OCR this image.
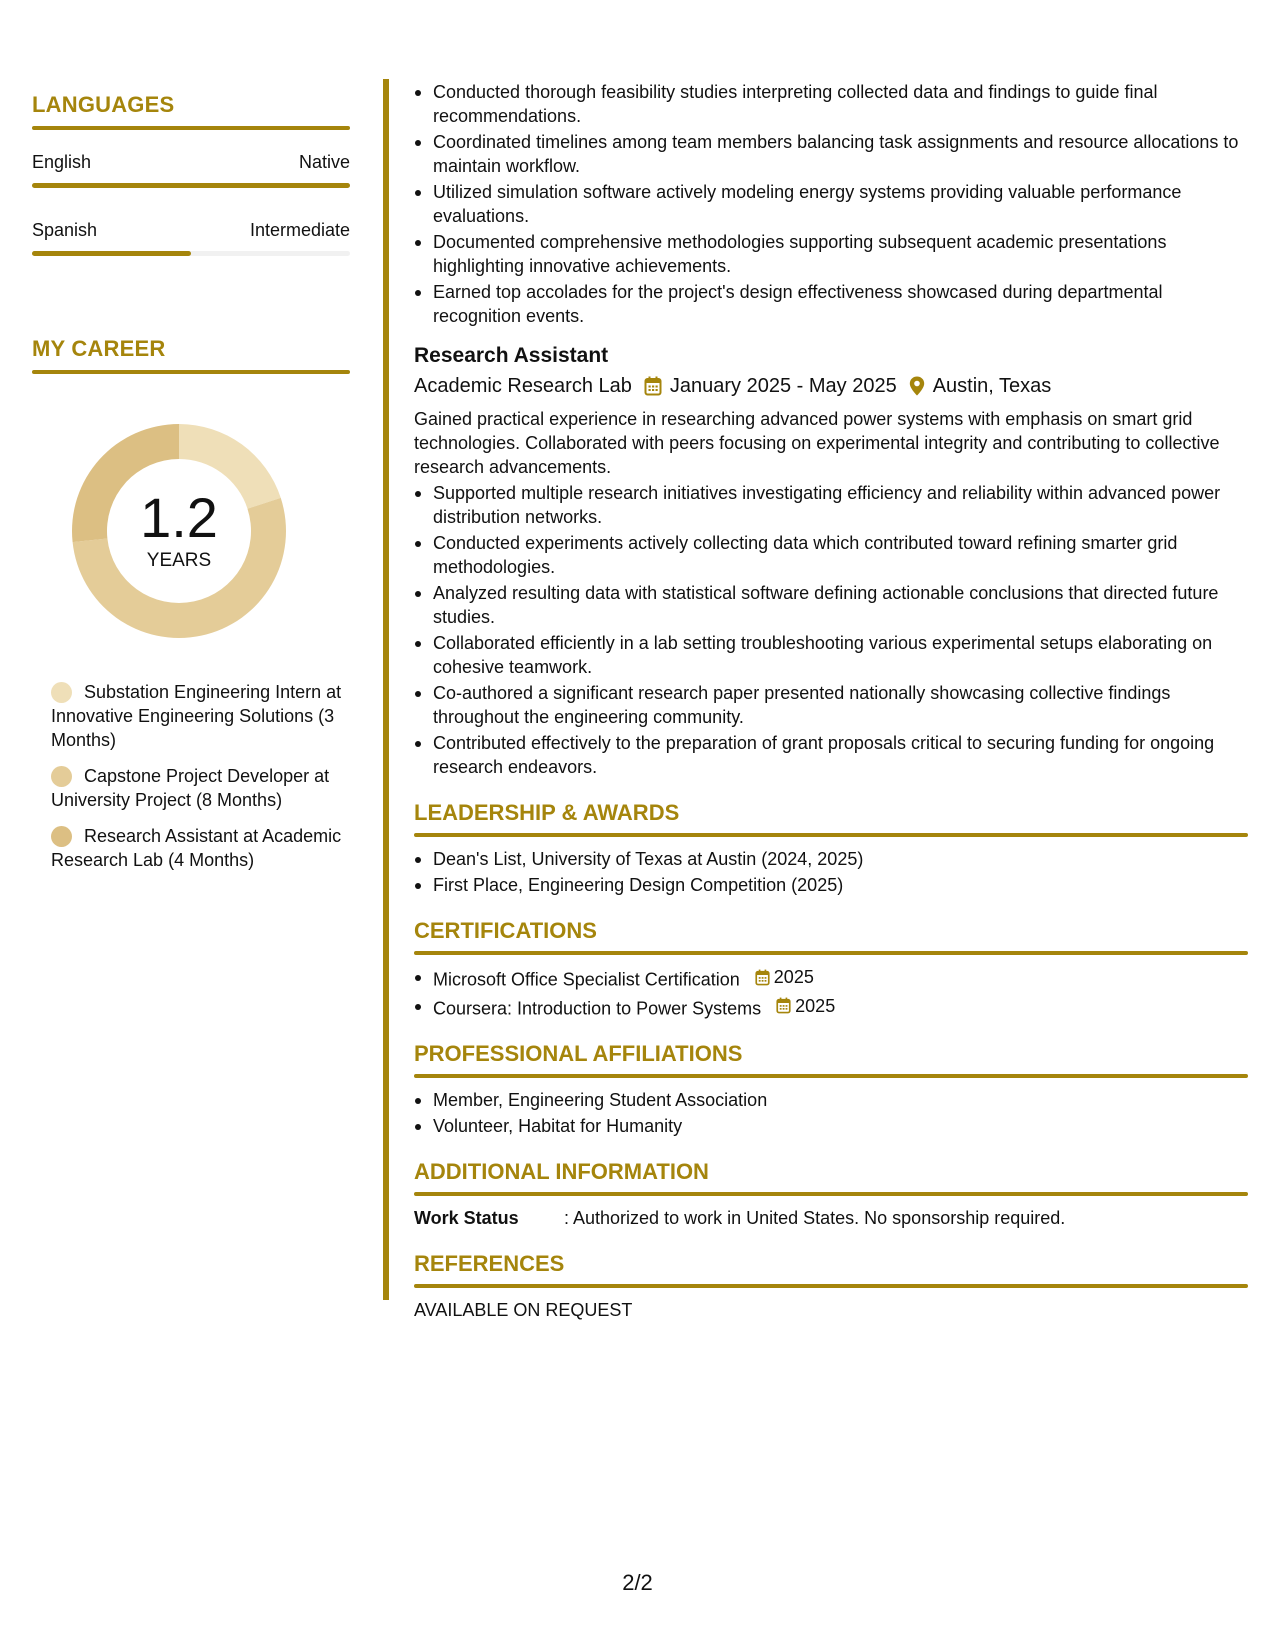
LANGUAGES
English	Native
Spanish	Intermediate
MY CAREER
1.2
YEARS
Substation Engineering Intern at Innovative Engineering Solutions (3 Months)
Capstone Project Developer at University Project (8 Months)
Research Assistant at Academic Research Lab (4 Months)
Conducted thorough feasibility studies interpreting collected data and findings to guide final recommendations.
Coordinated timelines among team members balancing task assignments and resource allocations to maintain workflow.
Utilized simulation software actively modeling energy systems providing valuable performance evaluations.
Documented comprehensive methodologies supporting subsequent academic presentations highlighting innovative achievements.
Earned top accolades for the project's design effectiveness showcased during departmental recognition events.
Research Assistant
Academic Research Lab January 2025 - May 2025 Austin, Texas
Gained practical experience in researching advanced power systems with emphasis on smart grid technologies. Collaborated with peers focusing on experimental integrity and contributing to collective research advancements.
Supported multiple research initiatives investigating efficiency and reliability within advanced power distribution networks.
Conducted experiments actively collecting data which contributed toward refining smarter grid methodologies.
Analyzed resulting data with statistical software defining actionable conclusions that directed future studies.
Collaborated efficiently in a lab setting troubleshooting various experimental setups elaborating on cohesive teamwork.
Co-authored a significant research paper presented nationally showcasing collective findings throughout the engineering community.
Contributed effectively to the preparation of grant proposals critical to securing funding for ongoing research endeavors.
LEADERSHIP & AWARDS
Dean's List, University of Texas at Austin (2024, 2025)
First Place, Engineering Design Competition (2025)
CERTIFICATIONS
Microsoft Office Specialist Certification 2025
Coursera: Introduction to Power Systems 2025
PROFESSIONAL AFFILIATIONS
Member, Engineering Student Association
Volunteer, Habitat for Humanity
ADDITIONAL INFORMATION
Work Status	: Authorized to work in United States. No sponsorship required.
REFERENCES
AVAILABLE ON REQUEST
2/2
